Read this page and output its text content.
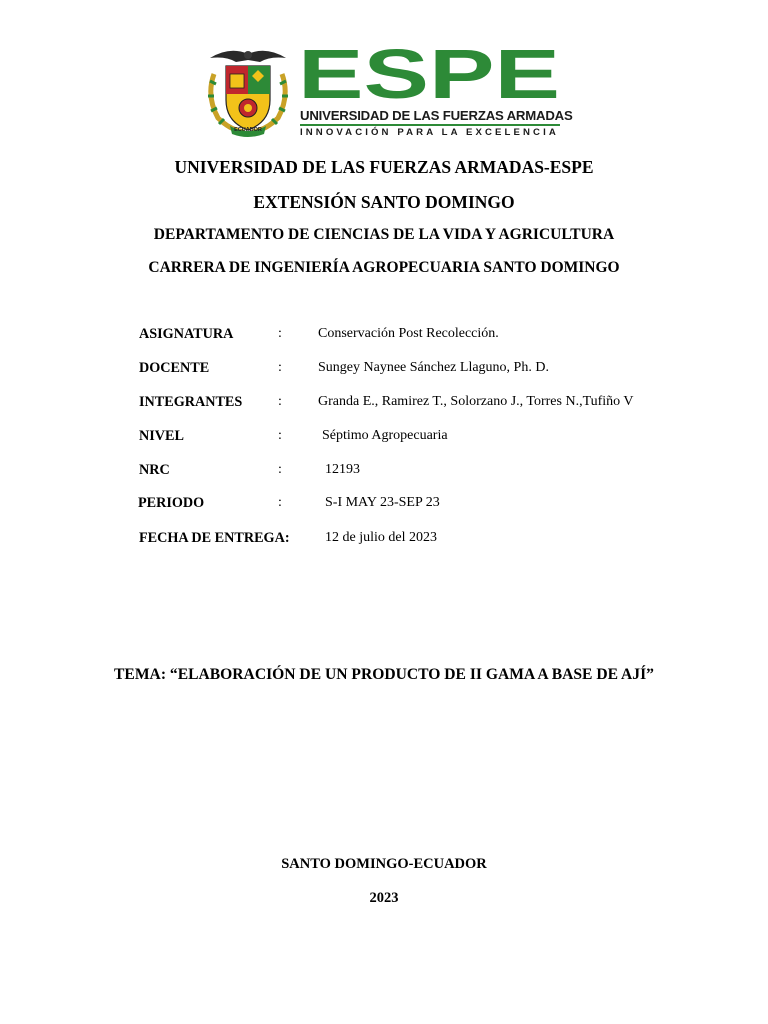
ECUADOR
ESPE
UNIVERSIDAD DE LAS FUERZAS ARMADAS
INNOVACIÓN PARA LA EXCELENCIA
UNIVERSIDAD DE LAS FUERZAS ARMADAS-ESPE
EXTENSIÓN SANTO DOMINGO
DEPARTAMENTO DE CIENCIAS DE LA VIDA Y AGRICULTURA
CARRERA DE INGENIERÍA AGROPECUARIA SANTO DOMINGO
ASIGNATURA	:	Conservación Post Recolección.
DOCENTE	:	Sungey Naynee Sánchez Llaguno, Ph. D.
INTEGRANTES	:	Granda E., Ramirez T., Solorzano J., Torres N.,Tufiño V
NIVEL	:	Séptimo Agropecuaria
NRC	:	12193
PERIODO	:	S-I MAY 23-SEP 23
FECHA DE ENTREGA:	12 de julio del 2023
TEMA: “ELABORACIÓN DE UN PRODUCTO DE II GAMA A BASE DE AJÍ”
SANTO DOMINGO-ECUADOR
2023
